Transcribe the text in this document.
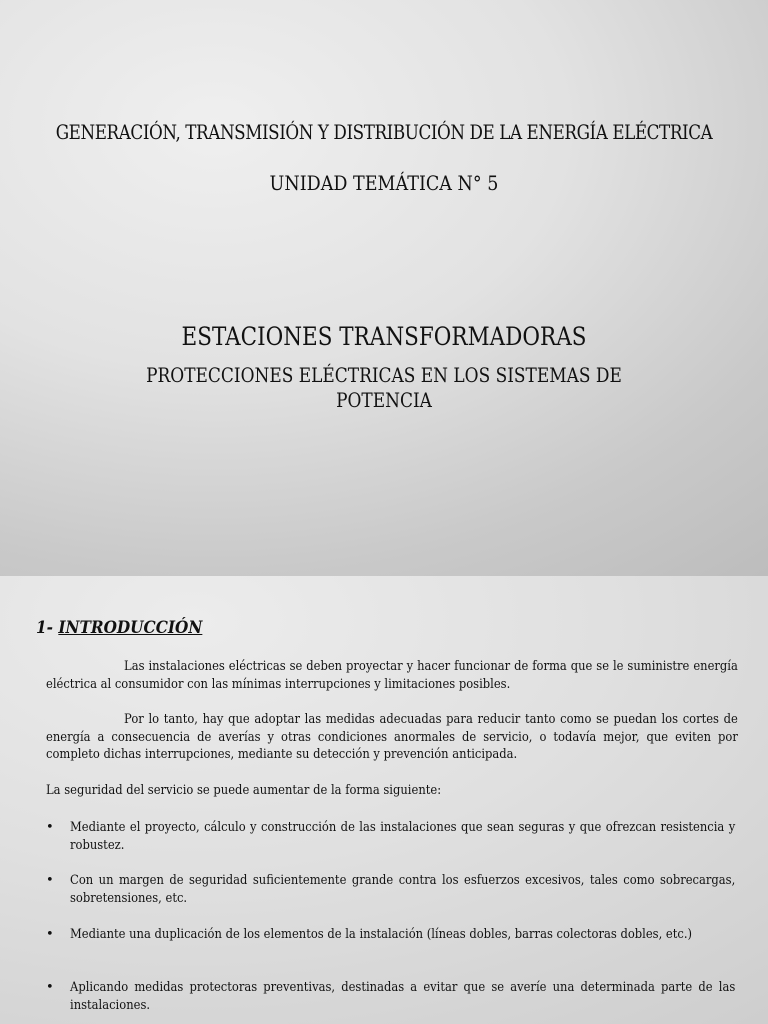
GENERACIÓN, TRANSMISIÓN Y DISTRIBUCIÓN DE LA ENERGÍA ELÉCTRICA
UNIDAD TEMÁTICA N° 5
ESTACIONES TRANSFORMADORAS
PROTECCIONES ELÉCTRICAS EN LOS SISTEMAS DE
POTENCIA
1- INTRODUCCIÓN
Las instalaciones eléctricas se deben proyectar y hacer funcionar de forma que se le suministre energía eléctrica al consumidor con las mínimas interrupciones y limitaciones posibles.
Por lo tanto, hay que adoptar las medidas adecuadas para reducir tanto como se puedan los cortes de energía a consecuencia de averías y otras condiciones anormales de servicio, o todavía mejor, que eviten por completo dichas interrupciones, mediante su detección y prevención anticipada.
La seguridad del servicio se puede aumentar de la forma siguiente:
• Mediante el proyecto, cálculo y construcción de las instalaciones que sean seguras y que ofrezcan resistencia y robustez.
• Con un margen de seguridad suficientemente grande contra los esfuerzos excesivos, tales como sobrecargas, sobretensiones, etc.
• Mediante una duplicación de los elementos de la instalación (líneas dobles, barras colectoras dobles, etc.)
• Aplicando medidas protectoras preventivas, destinadas a evitar que se averíe una determinada parte de las instalaciones.
